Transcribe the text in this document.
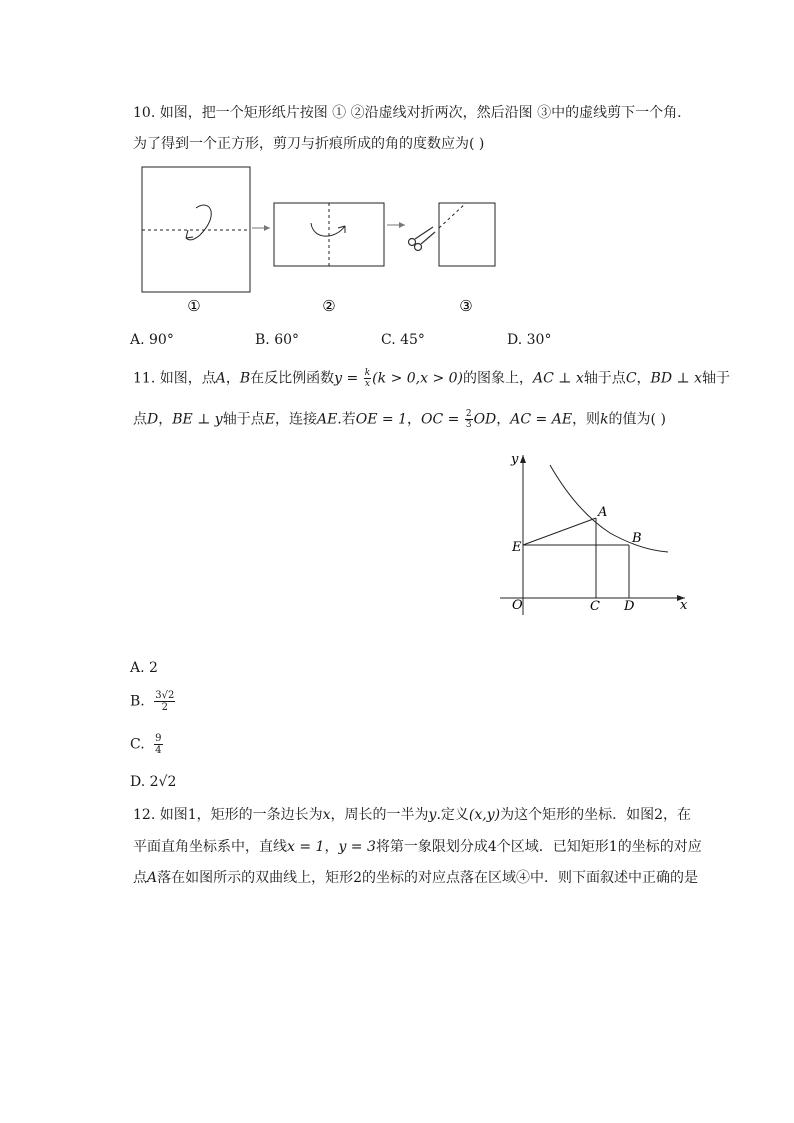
10. 如图，把一个矩形纸片按图 ① ②沿虚线对折两次，然后沿图 ③中的虚线剪下一个角.
为了得到一个正方形，剪刀与折痕所成的角的度数应为( )
①	②	③
A. 90°	B. 60°	C. 45°	D. 30°
11. 如图，点A，B在反比例函数$y = \frac{k}{x} (k > 0,x > 0)$的图象上，AC ⊥ x轴于点C，BD ⊥ x轴于
点D，BE ⊥ y轴于点E，连接AE.若OE = 1，OC = $\frac{2}{3}$ OD，AC = AE，则k的值为( )
y
x
O
A
B
C D
E
A. 2
B. $\frac{3√2}{2}$
C. $\frac{9}{4}$
D. 2√2
12. 如图1，矩形的一条边长为x，周长的一半为y.定义(x,y)为这个矩形的坐标．如图2，在
平面直角坐标系中，直线x = 1，y = 3将第一象限划分成4个区域．已知矩形1的坐标的对应
点A落在如图所示的双曲线上，矩形2的坐标的对应点落在区域④中．则下面叙述中正确的是
